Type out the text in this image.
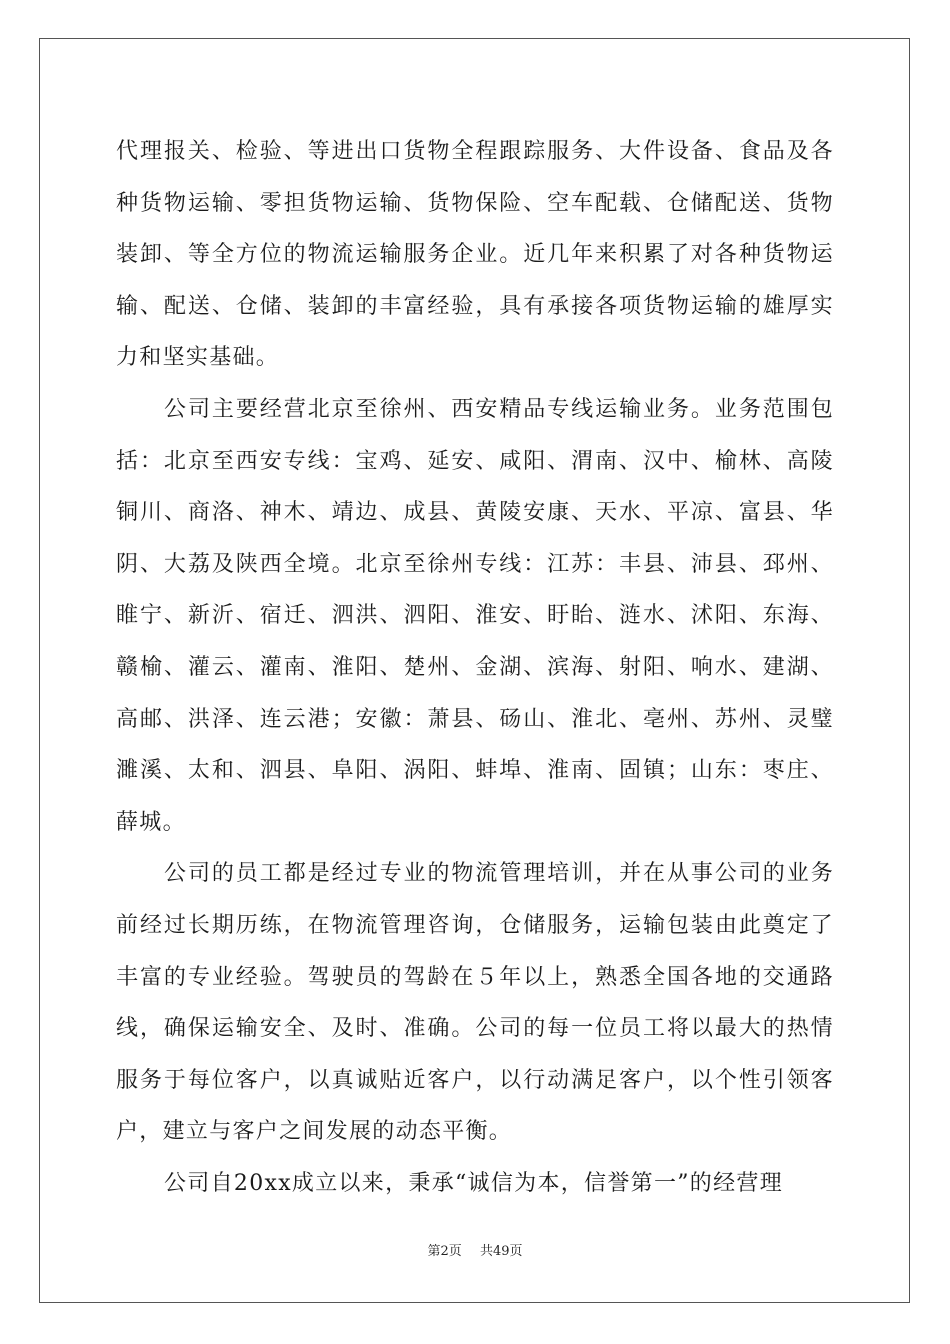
代理报关、检验、等进出口货物全程跟踪服务、大件设备、食品及各种货物运输、零担货物运输、货物保险、空车配载、仓储配送、货物装卸、等全方位的物流运输服务企业。近几年来积累了对各种货物运输、配送、仓储、装卸的丰富经验，具有承接各项货物运输的雄厚实力和坚实基础。

公司主要经营北京至徐州、西安精品专线运输业务。业务范围包括：北京至西安专线：宝鸡、延安、咸阳、渭南、汉中、榆林、高陵铜川、商洛、神木、靖边、成县、黄陵安康、天水、平凉、富县、华阴、大荔及陕西全境。北京至徐州专线：江苏：丰县、沛县、邳州、睢宁、新沂、宿迁、泗洪、泗阳、淮安、盱眙、涟水、沭阳、东海、赣榆、灌云、灌南、淮阳、楚州、金湖、滨海、射阳、响水、建湖、高邮、洪泽、连云港；安徽：萧县、砀山、淮北、亳州、苏州、灵璧濉溪、太和、泗县、阜阳、涡阳、蚌埠、淮南、固镇；山东：枣庄、薛城。

公司的员工都是经过专业的物流管理培训，并在从事公司的业务前经过长期历练，在物流管理咨询，仓储服务，运输包装由此奠定了丰富的专业经验。驾驶员的驾龄在５年以上，熟悉全国各地的交通路线，确保运输安全、及时、准确。公司的每一位员工将以最大的热情服务于每位客户，以真诚贴近客户，以行动满足客户，以个性引领客户，建立与客户之间发展的动态平衡。

公司自20xx成立以来，秉承“诚信为本，信誉第一”的经营理

第2页 共49页
